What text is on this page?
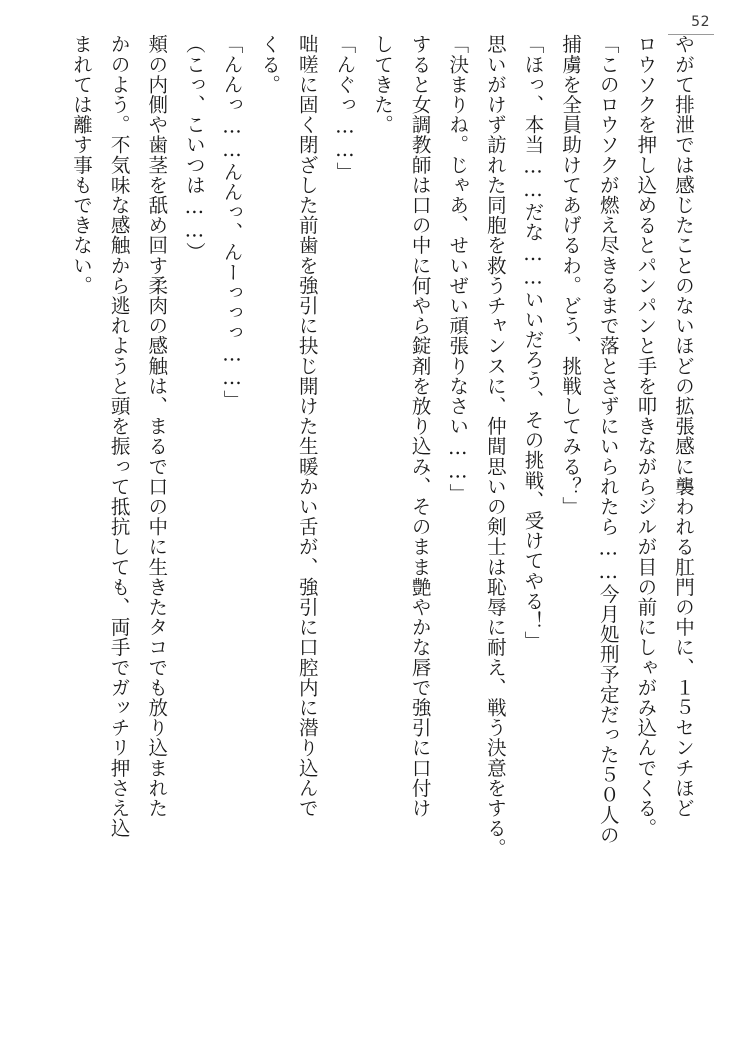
52
やがて排泄では感じたことのないほどの拡張感に襲われる肛門の中に、１５センチほど
ロウソクを押し込めるとパンパンと手を叩きながらジルが目の前にしゃがみ込んでくる。
「このロウソクが燃え尽きるまで落とさずにいられたら……今月処刑予定だった５０人の
捕虜を全員助けてあげるわ。どう、挑戦してみる？」
「ほっ、本当……だな……いいだろう、その挑戦、受けてやる！」
思いがけず訪れた同胞を救うチャンスに、仲間思いの剣士は恥辱に耐え、戦う決意をする。
「決まりね。じゃあ、せいぜい頑張りなさい……」
すると女調教師は口の中に何やら錠剤を放り込み、そのまま艶やかな唇で強引に口付け
してきた。
「んぐっ……」
咄嗟に固く閉ざした前歯を強引に抉じ開けた生暖かい舌が、強引に口腔内に潜り込んで
くる。
「んんっ……んんっ、んーっっっ……」
（こっ、こいつは……）
頬の内側や歯茎を舐め回す柔肉の感触は、まるで口の中に生きたタコでも放り込まれた
かのよう。不気味な感触から逃れようと頭を振って抵抗しても、両手でガッチリ押さえ込
まれては離す事もできない。
